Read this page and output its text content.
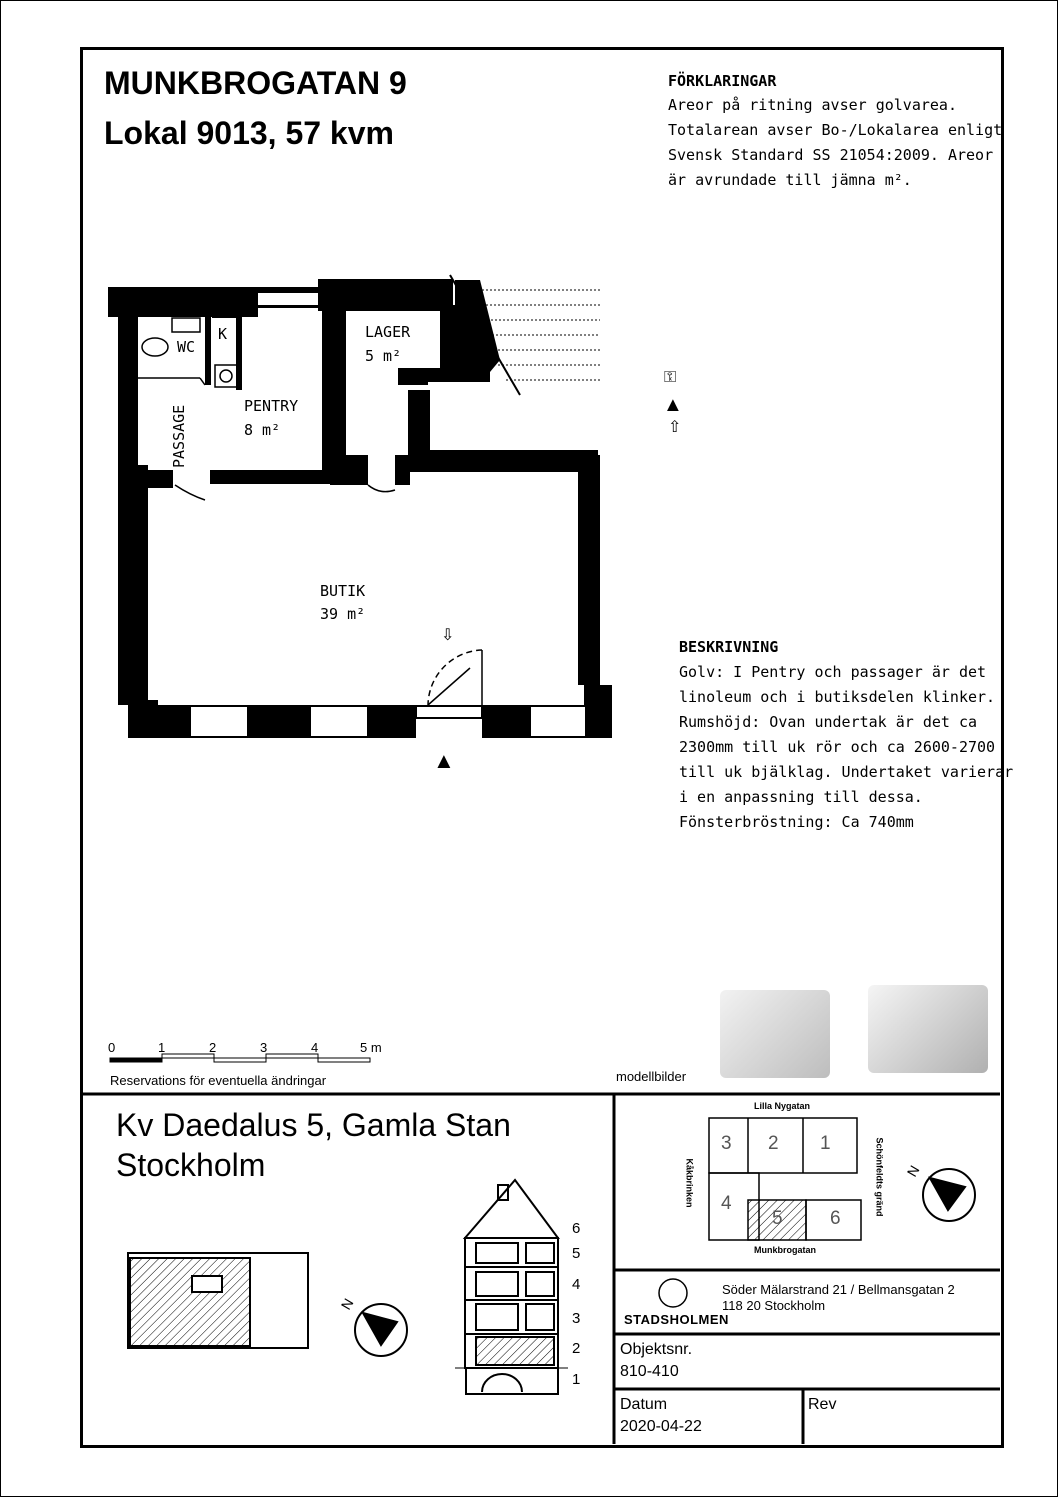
MUNKBROGATAN 9
Lokal 9013, 57 kvm
FÖRKLARINGAR
Areor på ritning avser golvarea.
Totalarean avser Bo-/Lokalarea enligt
Svensk Standard SS 21054:2009. Areor
är avrundade till jämna m².
WC
K	LAGER
5 m²
PENTRY
8 m²
PASSAGE
BUTIK
39 m²
⚿
▲
⇧
⇩
▲
BESKRIVNING
Golv: I Pentry och passager är det
linoleum och i butiksdelen klinker.
Rumshöjd: Ovan undertak är det ca
2300mm till uk rör och ca 2600-2700
till uk bjälklag. Undertaket varierar
i en anpassning till dessa.
Fönsterbröstning: Ca 740mm
0	1	2	3	4	5 m
Reservations för eventuella ändringar	modellbilder
Kv Daedalus 5, Gamla Stan
Stockholm
6
5
4
3
2
1
N
Lilla Nygatan
Munkbrogatan
Kåkbrinken	Schönfeldts gränd
3 2 1
4
5 6
N
STADSHOLMEN
Söder Mälarstrand 21 / Bellmansgatan 2
118 20 Stockholm
Objektsnr.
810-410
Datum
2020-04-22
Rev
